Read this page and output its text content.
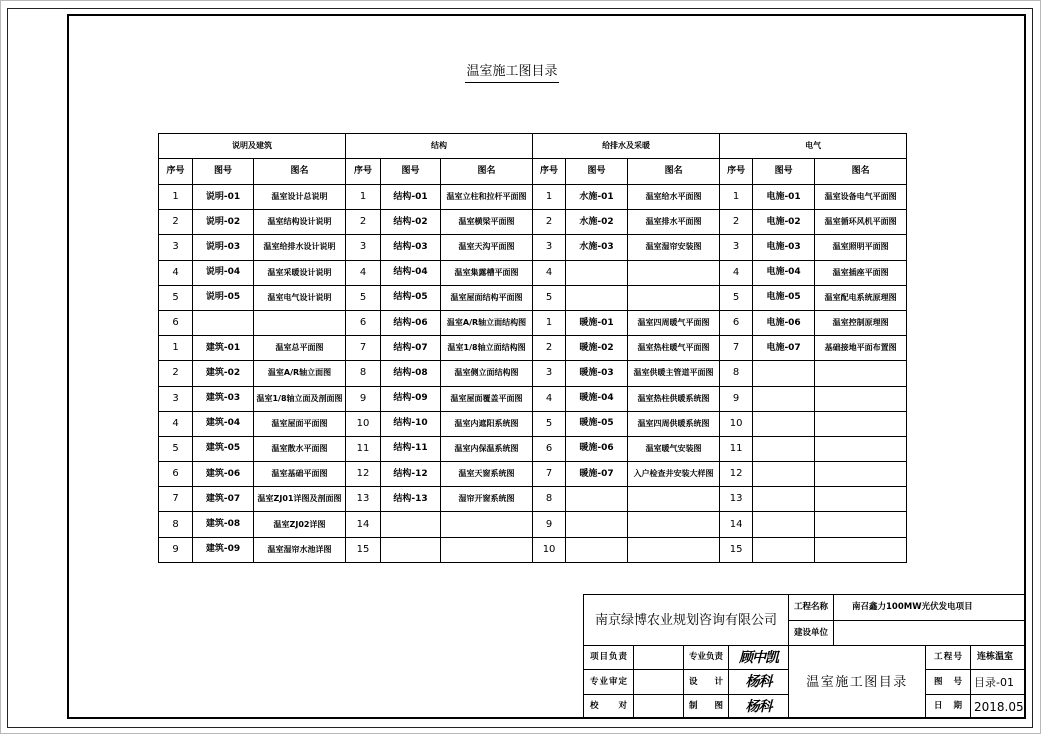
温室施工图目录
说明及建筑			结构			给排水及采暖			电气		
序号	图号	图名	序号	图号	图名	序号	图号	图名	序号	图号	图名
1	说明-01	温室设计总说明	1	结构-01	温室立柱和拉杆平面图	1	水施-01	温室给水平面图	1	电施-01	温室设备电气平面图
2	说明-02	温室结构设计说明	2	结构-02	温室横梁平面图	2	水施-02	温室排水平面图	2	电施-02	温室循环风机平面图
3	说明-03	温室给排水设计说明	3	结构-03	温室天沟平面图	3	水施-03	温室湿帘安装图	3	电施-03	温室照明平面图
4	说明-04	温室采暖设计说明	4	结构-04	温室集露槽平面图	4			4	电施-04	温室插座平面图
5	说明-05	温室电气设计说明	5	结构-05	温室屋面结构平面图	5			5	电施-05	温室配电系统原理图
6			6	结构-06	温室A/R轴立面结构图	1	暖施-01	温室四周暖气平面图	6	电施-06	温室控制原理图
1	建筑-01	温室总平面图	7	结构-07	温室1/8轴立面结构图	2	暖施-02	温室热柱暖气平面图	7	电施-07	基础接地平面布置图
2	建筑-02	温室A/R轴立面图	8	结构-08	温室侧立面结构图	3	暖施-03	温室供暖主管道平面图	8		
3	建筑-03	温室1/8轴立面及剖面图	9	结构-09	温室屋面覆盖平面图	4	暖施-04	温室热柱供暖系统图	9		
4	建筑-04	温室屋面平面图	10	结构-10	温室内遮阳系统图	5	暖施-05	温室四周供暖系统图	10		
5	建筑-05	温室散水平面图	11	结构-11	温室内保温系统图	6	暖施-06	温室暖气安装图	11		
6	建筑-06	温室基础平面图	12	结构-12	温室天窗系统图	7	暖施-07	入户检查井安装大样图	12		
7	建筑-07	温室ZJ01详图及剖面图	13	结构-13	湿帘开窗系统图	8			13		
8	建筑-08	温室ZJ02详图	14			9			14		
9	建筑-09	温室湿帘水池详图	15			10			15		
南京绿博农业规划咨询有限公司				工程名称	南召鑫力100MW光伏发电项目		
				建设单位			
项目负责		专业负责	顾中凯	温室施工图目录		工程号	连栋温室
专业审定		设 计	杨科			图 号	目录-01
校 对		制 图	杨科			日 期	2018.05
